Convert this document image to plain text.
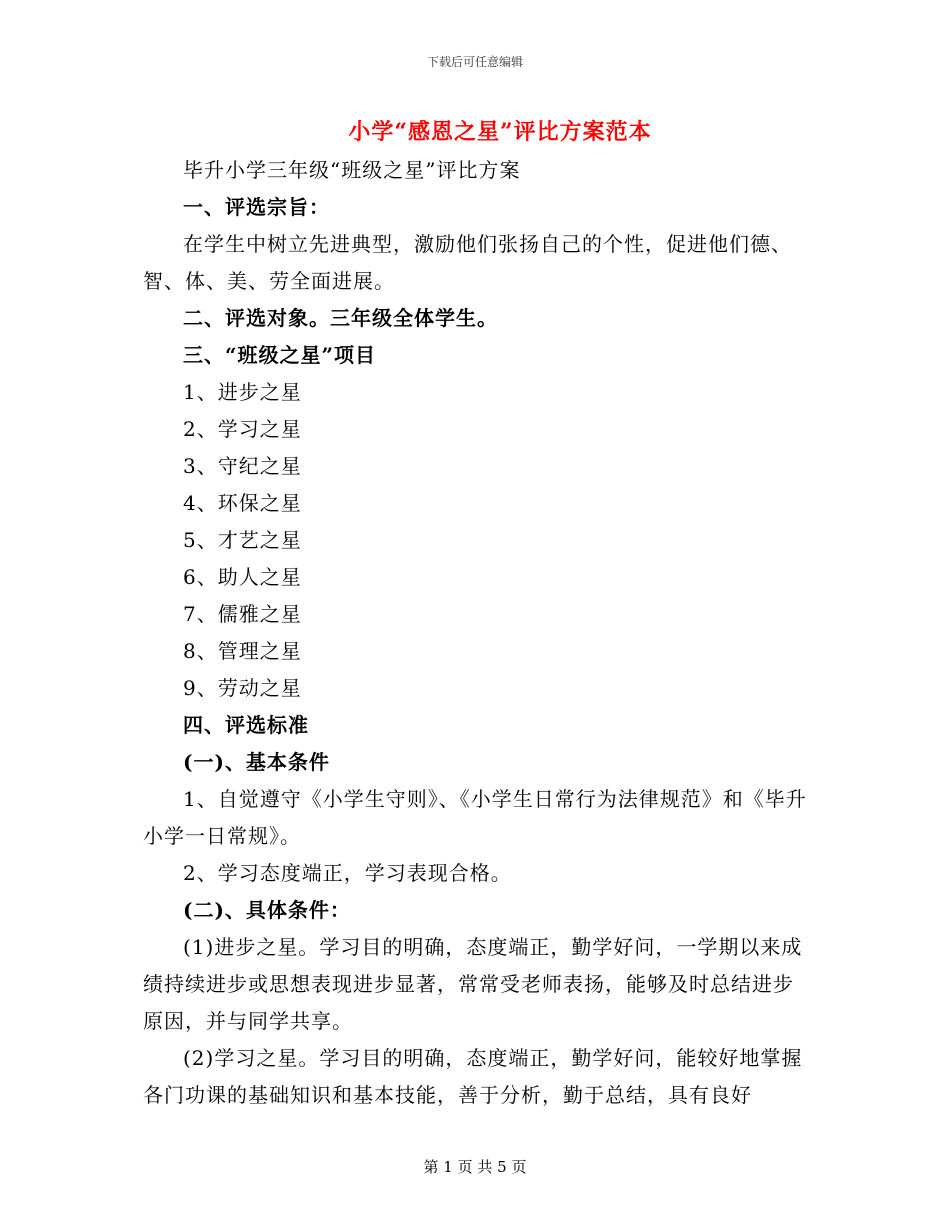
下载后可任意编辑
小学“感恩之星”评比方案范本

毕升小学三年级“班级之星”评比方案

一、评选宗旨：

在学生中树立先进典型，激励他们张扬自己的个性，促进他们德、智、体、美、劳全面进展。

二、评选对象。三年级全体学生。

三、“班级之星”项目

1、进步之星

2、学习之星

3、守纪之星

4、环保之星

5、才艺之星

6、助人之星

7、儒雅之星

8、管理之星

9、劳动之星

四、评选标准

(一)、基本条件

1、自觉遵守《小学生守则》、《小学生日常行为法律规范》和《毕升小学一日常规》。

2、学习态度端正，学习表现合格。

(二)、具体条件：

(1)进步之星。学习目的明确，态度端正，勤学好问，一学期以来成绩持续进步或思想表现进步显著，常常受老师表扬，能够及时总结进步原因，并与同学共享。

(2)学习之星。学习目的明确，态度端正，勤学好问，能较好地掌握各门功课的基础知识和基本技能，善于分析，勤于总结，具有良好

第 1 页 共 5 页
